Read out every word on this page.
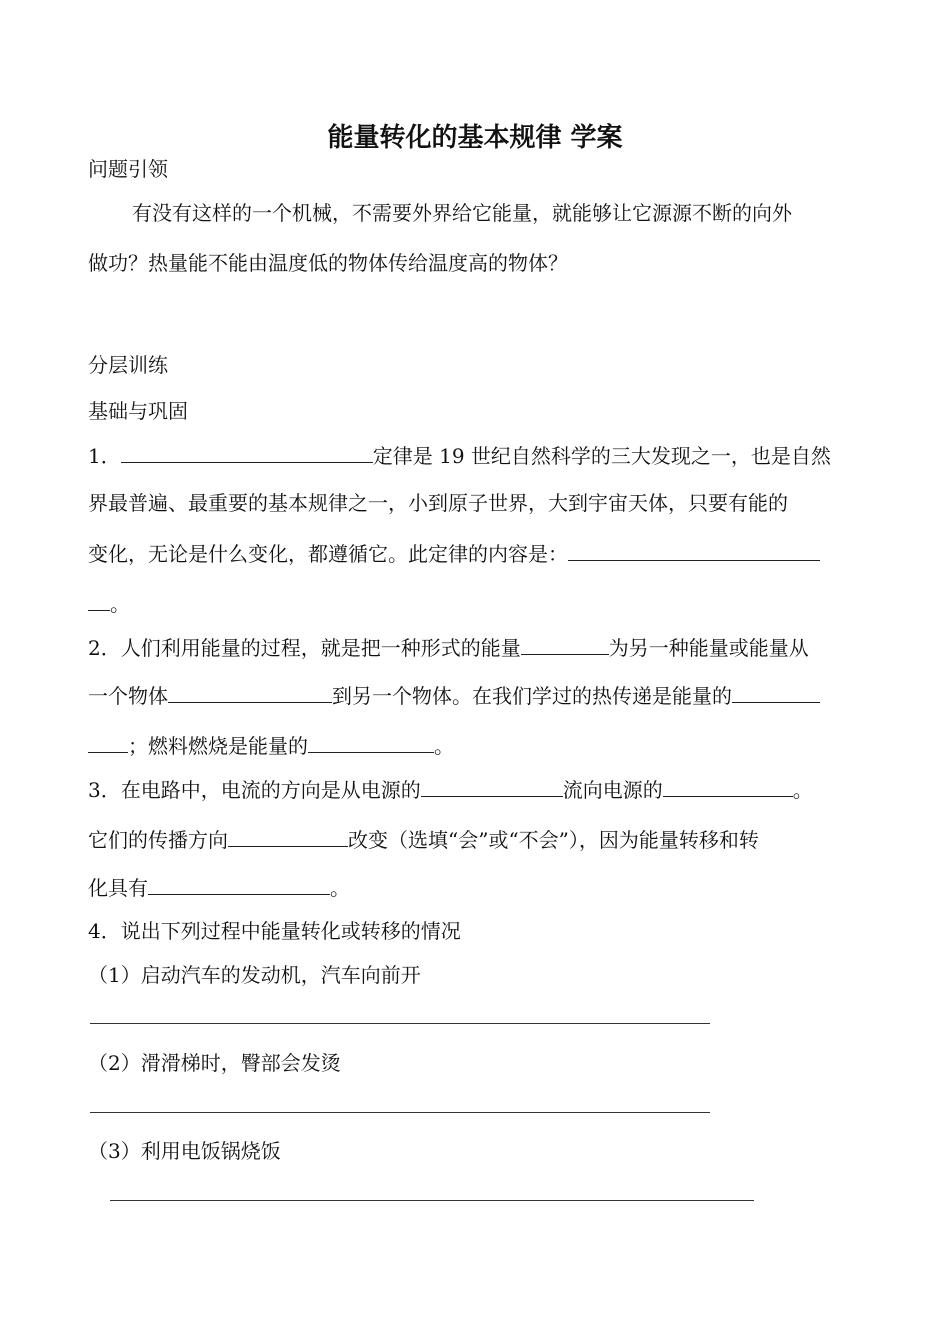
能量转化的基本规律 学案
问题引领
有没有这样的一个机械，不需要外界给它能量，就能够让它源源不断的向外
做功？热量能不能由温度低的物体传给温度高的物体？
分层训练
基础与巩固
1．	定律是 19 世纪自然科学的三大发现之一，也是自然
界最普遍、最重要的基本规律之一，小到原子世界，大到宇宙天体，只要有能的
变化，无论是什么变化，都遵循它。此定律的内容是：
。
2．人们利用能量的过程，就是把一种形式的能量	为另一种能量或能量从
一个物体	到另一个物体。在我们学过的热传递是能量的
；燃料燃烧是能量的	。
3．在电路中，电流的方向是从电源的	流向电源的	。
它们的传播方向	改变（选填“会”或“不会”），因为能量转移和转
化具有	。
4．说出下列过程中能量转化或转移的情况
（1）启动汽车的发动机，汽车向前开
（2）滑滑梯时，臀部会发烫
（3）利用电饭锅烧饭
